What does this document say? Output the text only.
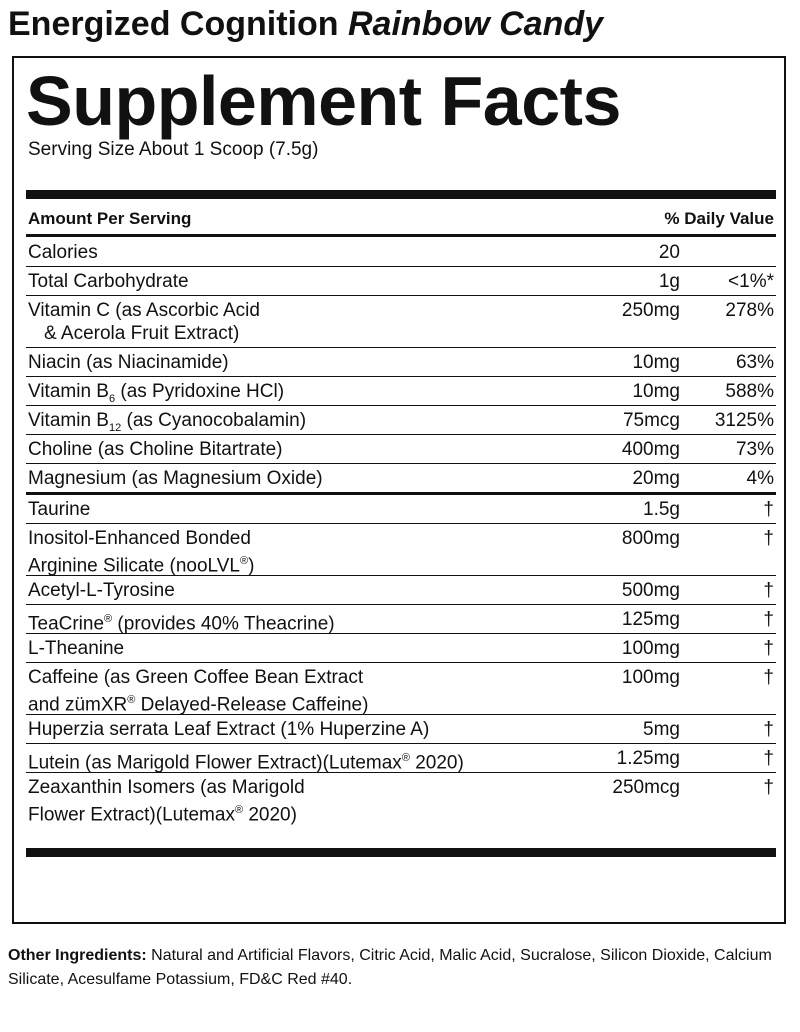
Energized Cognition Rainbow Candy
Supplement Facts
Serving Size About 1 Scoop (7.5g)
Amount Per Serving	% Daily Value
Calories	20
Total Carbohydrate	1g	<1%*
Vitamin C (as Ascorbic Acid
& Acerola Fruit Extract)
250mg 278%
Niacin (as Niacinamide)	10mg	63%
Vitamin $B_6$ (as Pyridoxine HCl)	10mg 588%
Vitamin $B_{12}$ (as Cyanocobalamin)	75mcg 3125%
Choline (as Choline Bitartrate)	400mg	73%
Magnesium (as Magnesium Oxide)	20mg	4%
Taurine	1.5g	†
Inositol-Enhanced Bonded
Arginine Silicate (nooLVL®)
800mg	†
Acetyl-L-Tyrosine	500mg	†
TeaCrine® (provides 40% Theacrine)	125mg	†
L-Theanine	100mg	†
Caffeine (as Green Coffee Bean Extract
and zümXR® Delayed-Release Caffeine)
100mg	†
Huperzia serrata Leaf Extract (1% Huperzine A)	5mg	†
Lutein (as Marigold Flower Extract)(Lutemax® 2020)	1.25mg	†
Zeaxanthin Isomers (as Marigold
Flower Extract)(Lutemax® 2020)
250mcg	†
Other Ingredients: Natural and Artificial Flavors, Citric Acid, Malic Acid, Sucralose, Silicon Dioxide, Calcium Silicate, Acesulfame Potassium, FD&C Red #40.
